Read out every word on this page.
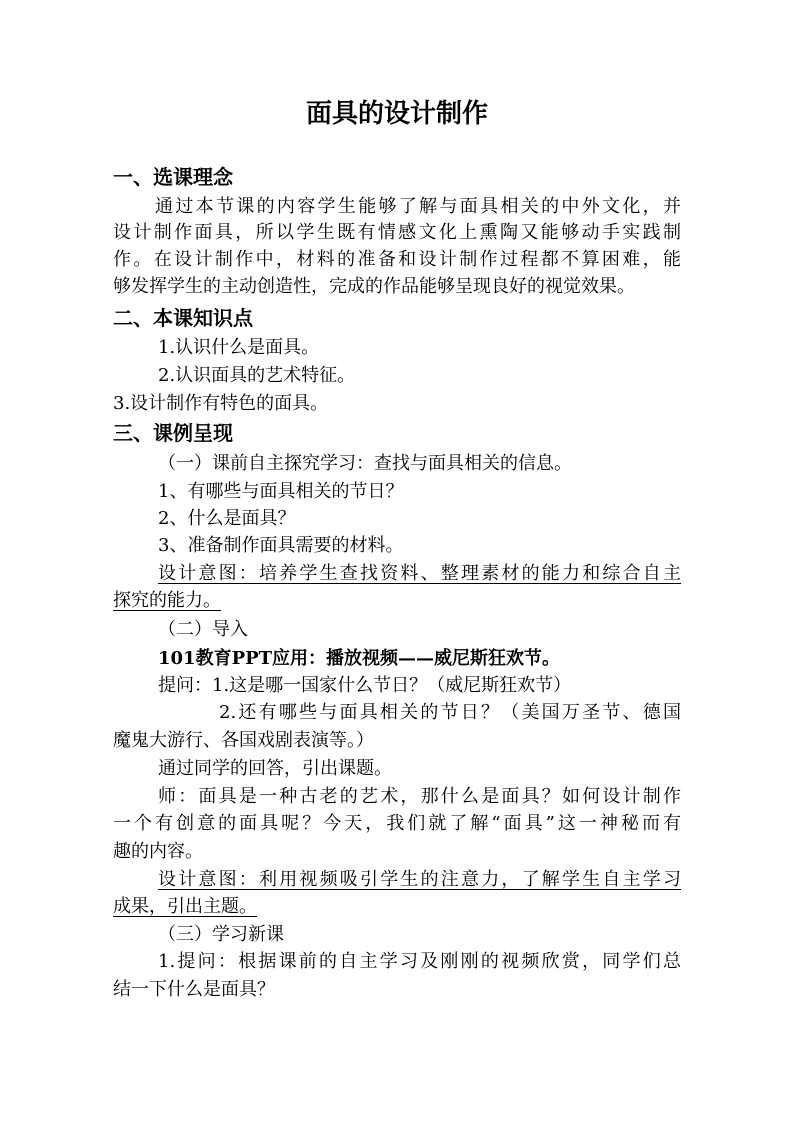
面具的设计制作
一、选课理念
通过本节课的内容学生能够了解与面具相关的中外文化，并
设计制作面具，所以学生既有情感文化上熏陶又能够动手实践制
作。在设计制作中，材料的准备和设计制作过程都不算困难，能
够发挥学生的主动创造性，完成的作品能够呈现良好的视觉效果。
二、本课知识点
1.认识什么是面具。
2.认识面具的艺术特征。
3.设计制作有特色的面具。
三、课例呈现
（一）课前自主探究学习：查找与面具相关的信息。
1、有哪些与面具相关的节日？
2、什么是面具？
3、准备制作面具需要的材料。
设计意图：培养学生查找资料、整理素材的能力和综合自主
探究的能力。
（二）导入
101教育PPT应用：播放视频——威尼斯狂欢节。
提问：1.这是哪一国家什么节日？（威尼斯狂欢节）
2.还有哪些与面具相关的节日？（美国万圣节、德国
魔鬼大游行、各国戏剧表演等。）
通过同学的回答，引出课题。
师：面具是一种古老的艺术，那什么是面具？如何设计制作
一个有创意的面具呢？今天，我们就了解“面具”这一神秘而有
趣的内容。
设计意图：利用视频吸引学生的注意力，了解学生自主学习
成果，引出主题。
（三）学习新课
1.提问：根据课前的自主学习及刚刚的视频欣赏，同学们总
结一下什么是面具？
